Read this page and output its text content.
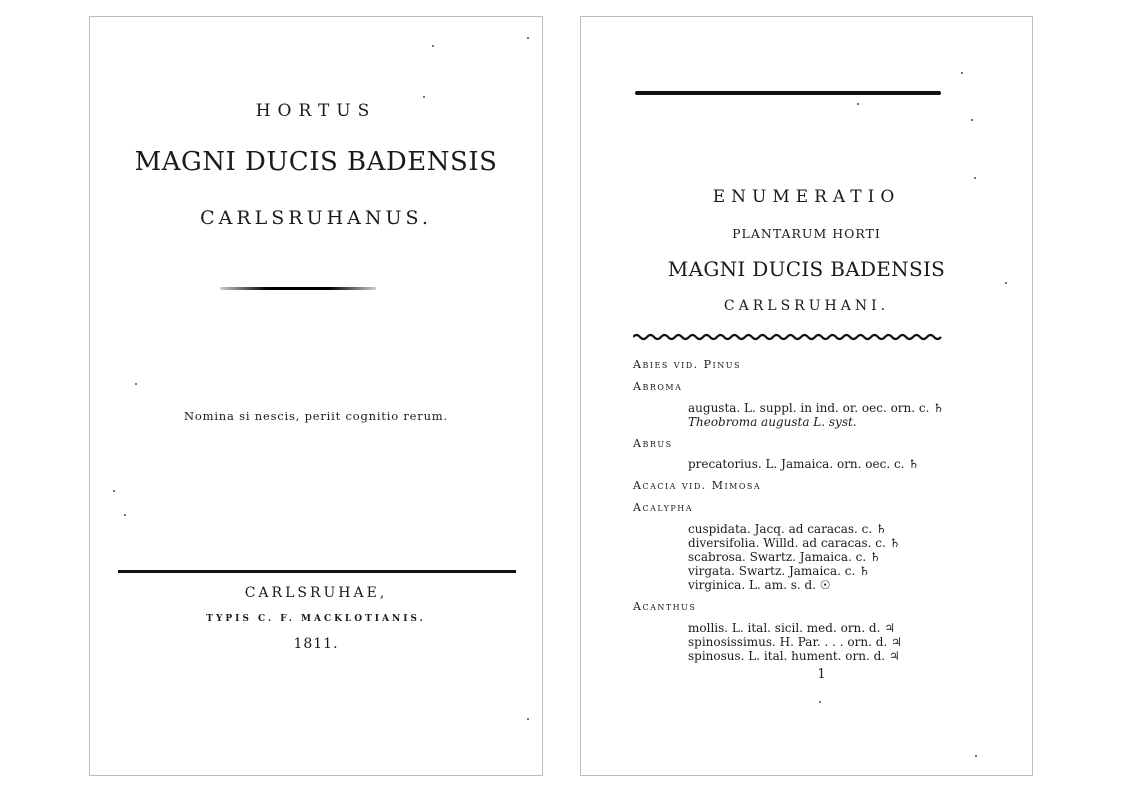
HORTUS
MAGNI DUCIS BADENSIS
CARLSRUHANUS.
Nomina si nescis, periit cognitio rerum.
CARLSRUHAE,
TYPIS C. F. MACKLOTIANIS.
1811.
ENUMERATIO
PLANTARUM HORTI
MAGNI DUCIS BADENSIS
CARLSRUHANI.
Abies vid. Pinus
Abroma
augusta. L. suppl. in ind. or. oec. orn. c. ♄
Theobroma augusta L. syst.
Abrus
precatorius. L. Jamaica. orn. oec. c. ♄
Acacia vid. Mimosa
Acalypha
cuspidata. Jacq. ad caracas. c. ♄
diversifolia. Willd. ad caracas. c. ♄
scabrosa. Swartz. Jamaica. c. ♄
virgata. Swartz. Jamaica. c. ♄
virginica. L. am. s. d. ☉
Acanthus
mollis. L. ital. sicil. med. orn. d. ♃
spinosissimus. H. Par. . . . orn. d. ♃
spinosus. L. ital. hument. orn. d. ♃
1
